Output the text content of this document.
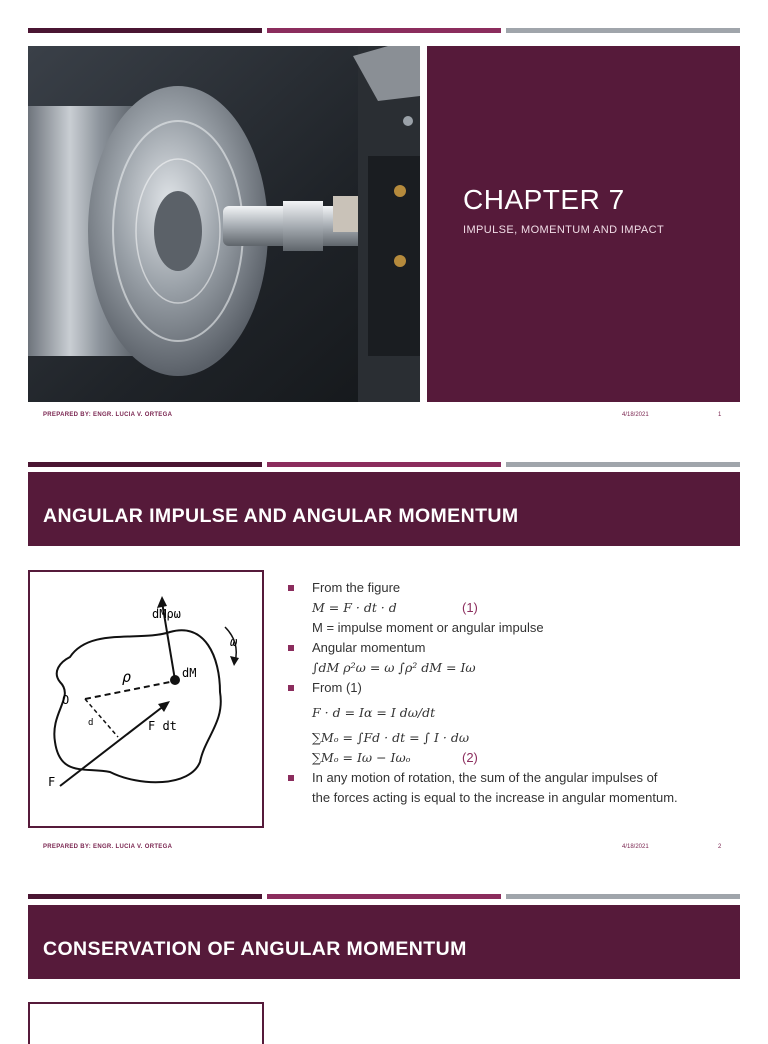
CHAPTER 7
IMPULSE, MOMENTUM AND IMPACT
PREPARED BY: ENGR. LUCIA V. ORTEGA	4/18/2021	1
ANGULAR IMPULSE AND ANGULAR MOMENTUM
dMρω
ω
dM
ρ
O
d	F dt
F
From the figure
M = F · dt · d	(1)
M = impulse moment or angular impulse
Angular momentum
∫dM ρ²ω = ω ∫ρ² dM = Iω
From (1)
F · d = Iα = I dω/dt
∑Mₒ = ∫Fd · dt = ∫ I · dω
∑Mₒ = Iω − Iωₒ	(2)
In any motion of rotation, the sum of the angular impulses of
the forces acting is equal to the increase in angular momentum.
PREPARED BY: ENGR. LUCIA V. ORTEGA	4/18/2021	2
CONSERVATION OF ANGULAR MOMENTUM
